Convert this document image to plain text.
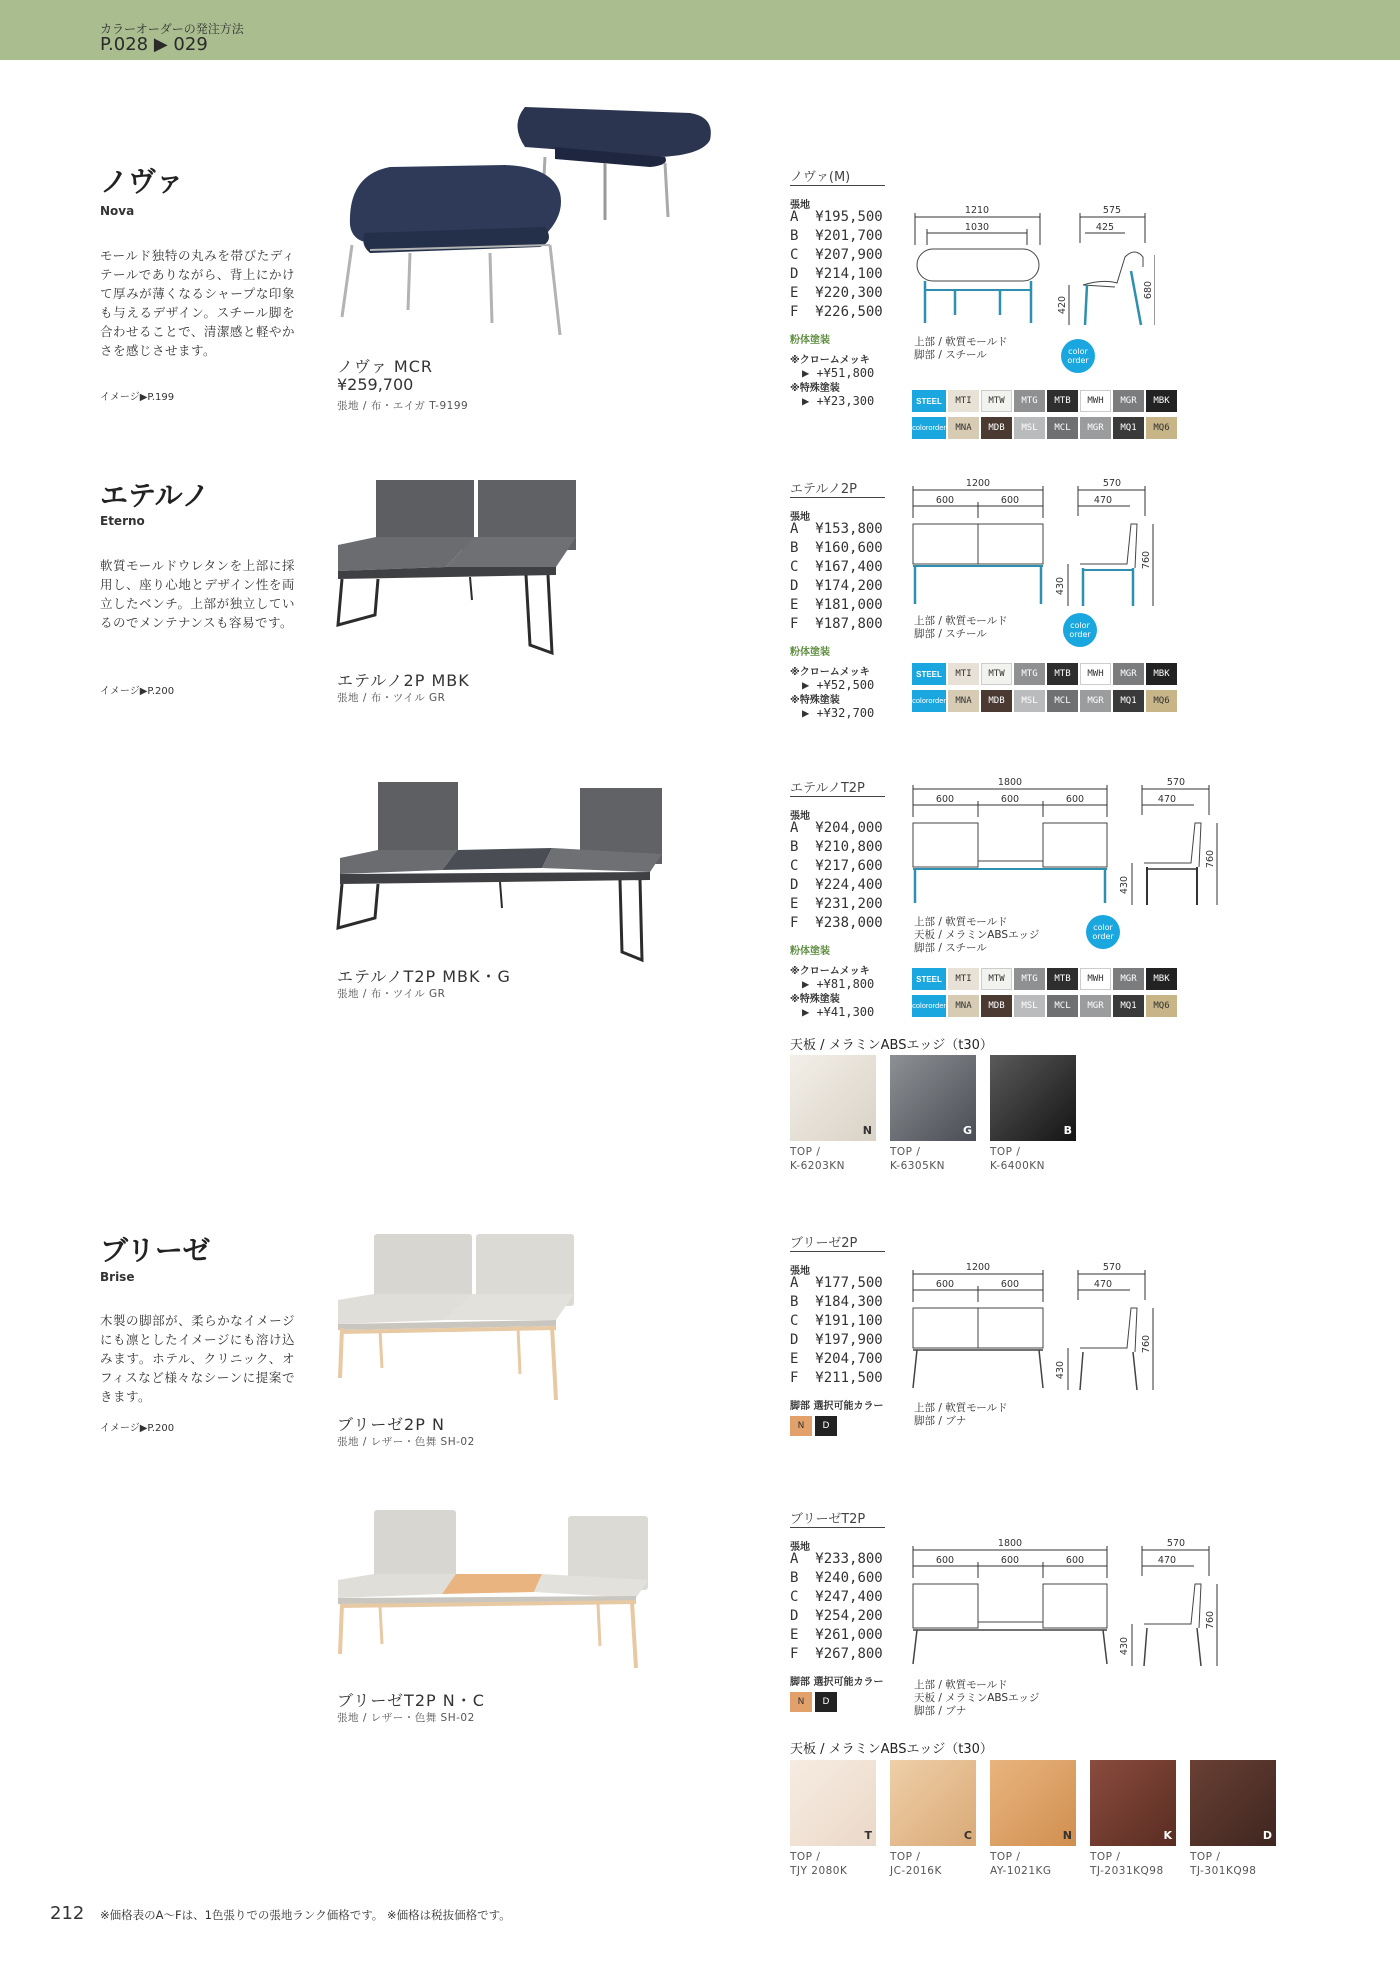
カラーオーダーの発注方法
P.028 ▶ 029
ノヴァ
Nova
モールド独特の丸みを帯びたディテールでありながら、背上にかけて厚みが薄くなるシャープな印象も与えるデザイン。スチール脚を合わせることで、清潔感と軽やかさを感じさせます。
イメージ▶P.199
ノヴァ MCR
¥259,700
張地 / 布・エイガ T-9199
ノヴァ(M)
張地
A ¥195,500
B ¥201,700
C ¥207,900
D ¥214,100
E ¥220,300
F ¥226,500
粉体塗装
※クロームメッキ
▶ +¥51,800
※特殊塗装
▶ +¥23,300
1210
1030
575
425
420
680
上部 / 軟質モールド
脚部 / スチール	color order
STEEL	MTI	MTW	MTG	MTB	MWH	MGR	MBK
color order	MNA	MDB	MSL	MCL	MGR	MQ1	MQ6
エテルノ
Eterno
軟質モールドウレタンを上部に採用し、座り心地とデザイン性を両立したベンチ。上部が独立しているのでメンテナンスも容易です。
イメージ▶P.200
エテルノ2P MBK
張地 / 布・ツイル GR
エテルノ2P
張地
A ¥153,800
B ¥160,600
C ¥167,400
D ¥174,200
E ¥181,000
F ¥187,800
粉体塗装
※クロームメッキ
▶ +¥52,500
※特殊塗装
▶ +¥32,700
1200
600	600
570
470
430
760
上部 / 軟質モールド
脚部 / スチール
color order
STEEL	MTI	MTW	MTG	MTB	MWH	MGR	MBK
color order	MNA	MDB	MSL	MCL	MGR	MQ1	MQ6
エテルノT2P MBK・G
張地 / 布・ツイル GR
エテルノT2P
張地
A ¥204,000
B ¥210,800
C ¥217,600
D ¥224,400
E ¥231,200
F ¥238,000
粉体塗装
※クロームメッキ
▶ +¥81,800
※特殊塗装
▶ +¥41,300
1800
600	600	600
570
470
430
760
上部 / 軟質モールド
天板 / メラミンABSエッジ
脚部 / スチール
color order
STEEL	MTI	MTW	MTG	MTB	MWH	MGR	MBK
color order	MNA	MDB	MSL	MCL	MGR	MQ1	MQ6
天板 / メラミンABSエッジ（t30）
N
TOP /
K-6203KN
G
TOP /
K-6305KN
B
TOP /
K-6400KN
ブリーゼ
Brise
木製の脚部が、柔らかなイメージにも凛としたイメージにも溶け込みます。ホテル、クリニック、オフィスなど様々なシーンに提案できます。
イメージ▶P.200	ブリーゼ2P N
張地 / レザー・色舞 SH-02
ブリーゼ2P
張地
A ¥177,500
B ¥184,300
C ¥191,100
D ¥197,900
E ¥204,700
F ¥211,500
脚部 選択可能カラー
N	D
1200
600	600
570
470
430
760
上部 / 軟質モールド
脚部 / ブナ
ブリーゼT2P N・C
張地 / レザー・色舞 SH-02
ブリーゼT2P
張地
A ¥233,800
B ¥240,600
C ¥247,400
D ¥254,200
E ¥261,000
F ¥267,800
脚部 選択可能カラー
N	D
1800
600	600	600
570
470
430
760
上部 / 軟質モールド
天板 / メラミンABSエッジ
脚部 / ブナ
天板 / メラミンABSエッジ（t30）
T
TOP /
TJY 2080K
C
TOP /
JC-2016K
N
TOP /
AY-1021KG
K
TOP /
TJ-2031KQ98
D
TOP /
TJ-301KQ98
212 ※価格表のA〜Fは、1色張りでの張地ランク価格です。 ※価格は税抜価格です。
